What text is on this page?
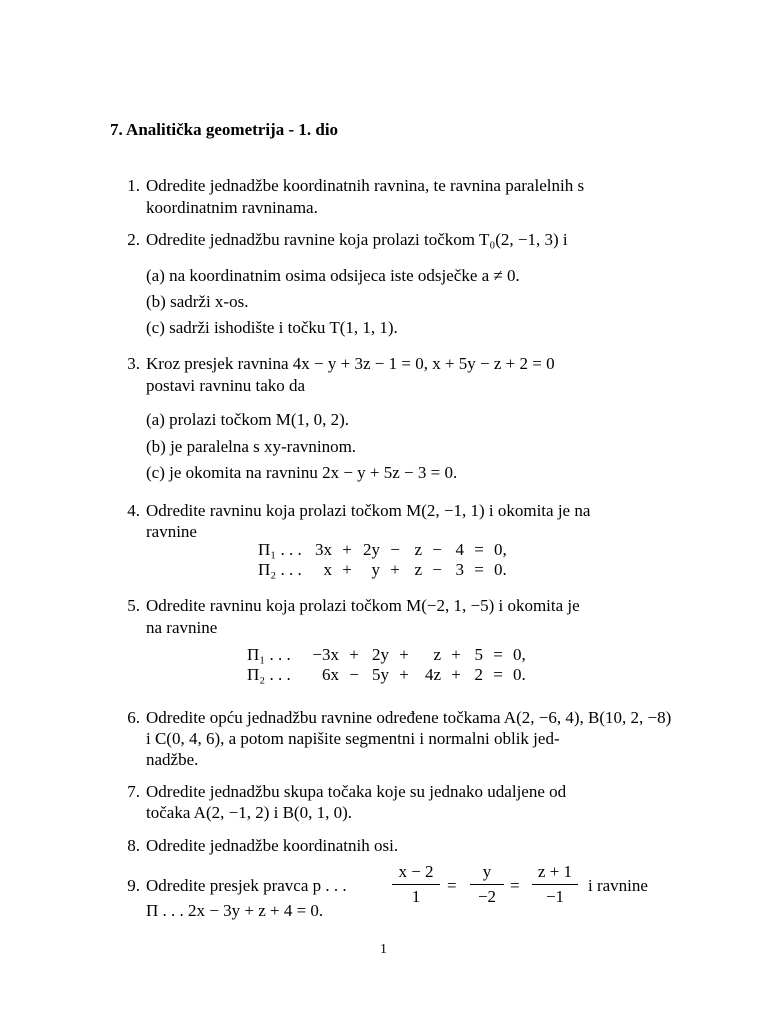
7. Analitička geometrija - 1. dio
1. Odredite jednadžbe koordinatnih ravnina, te ravnina paralelnih s
koordinatnim ravninama.
2. Odredite jednadžbu ravnine koja prolazi točkom T₀(2, −1, 3) i
(a) na koordinatnim osima odsijeca iste odsječke a ≠ 0.
(b) sadrži x-os.
(c) sadrži ishodište i točku T(1, 1, 1).
3. Kroz presjek ravnina 4x − y + 3z − 1 = 0, x + 5y − z + 2 = 0
postavi ravninu tako da
(a) prolazi točkom M(1, 0, 2).
(b) je paralelna s xy-ravninom.
(c) je okomita na ravninu 2x − y + 5z − 3 = 0.
4. Odredite ravninu koja prolazi točkom M(2, −1, 1) i okomita je na
ravnine
Π₁ . . .	3x	+	2y	−	z	−	4	=	0,
Π₂ . . .	x	+	y	+	z	−	3	=	0.
5. Odredite ravninu koja prolazi točkom M(−2, 1, −5) i okomita je
na ravnine
Π₁ . . .	−3x	+	2y	+	z	+	5	=	0,
Π₂ . . .	6x	−	5y	+	4z	+	2	=	0.
6. Odredite opću jednadžbu ravnine određene točkama A(2, −6, 4), B(10, 2, −8)
i C(0, 4, 6), a potom napišite segmentni i normalni oblik jed-
nadžbe.
7. Odredite jednadžbu skupa točaka koje su jednako udaljene od
točaka A(2, −1, 2) i B(0, 1, 0).
8. Odredite jednadžbe koordinatnih osi.
9. Odredite presjek pravca p . . .
x − 2
1
=
y
−2
=
z + 1
−1
i ravnine
Π . . . 2x − 3y + z + 4 = 0.
1
